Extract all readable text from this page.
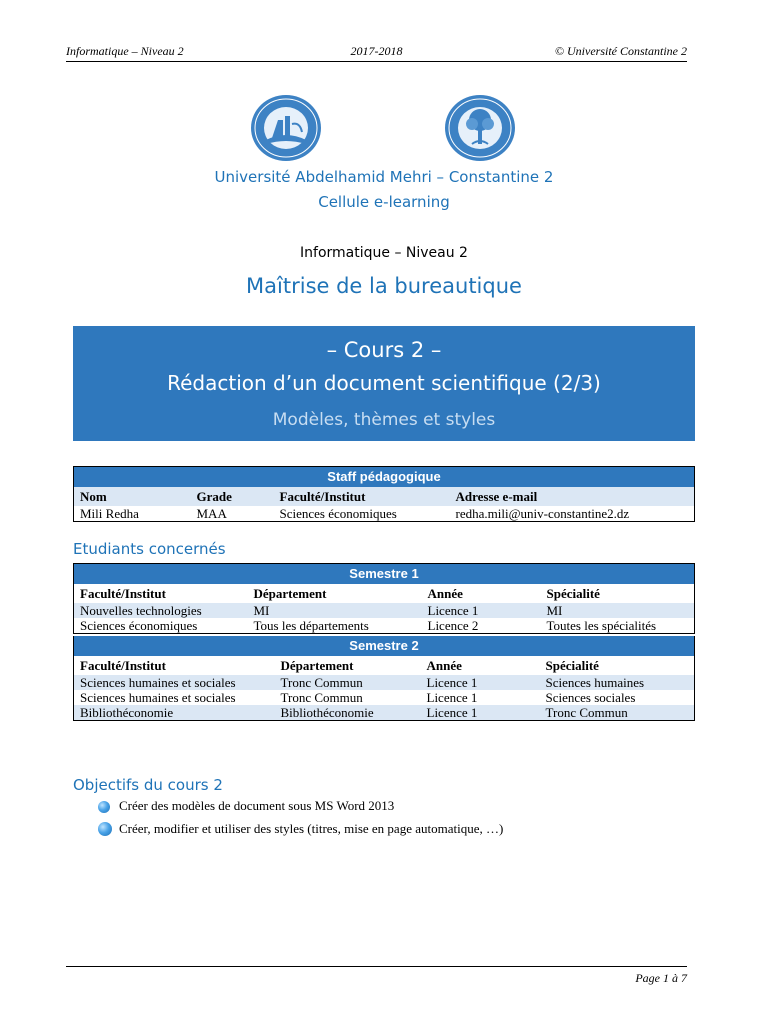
Informatique – Niveau 2	2017-2018	© Université Constantine 2
Université Abdelhamid Mehri – Constantine 2
Cellule e-learning
Informatique – Niveau 2
Maîtrise de la bureautique
– Cours 2 –
Rédaction d’un document scientifique (2/3)
Modèles, thèmes et styles
Staff pédagogique			
Nom	Grade	Faculté/Institut	Adresse e-mail
Mili Redha	MAA	Sciences économiques	redha.mili@univ-constantine2.dz
Etudiants concernés
Semestre 1			
Faculté/Institut	Département	Année	Spécialité
Nouvelles technologies	MI	Licence 1	MI
Sciences économiques	Tous les départements	Licence 2	Toutes les spécialités
Semestre 2			
Faculté/Institut	Département	Année	Spécialité
Sciences humaines et sociales	Tronc Commun	Licence 1	Sciences humaines
Sciences humaines et sociales	Tronc Commun	Licence 1	Sciences sociales
Bibliothéconomie	Bibliothéconomie	Licence 1	Tronc Commun
Objectifs du cours 2
Créer des modèles de document sous MS Word 2013
Créer, modifier et utiliser des styles (titres, mise en page automatique, …)
Page 1 à 7
